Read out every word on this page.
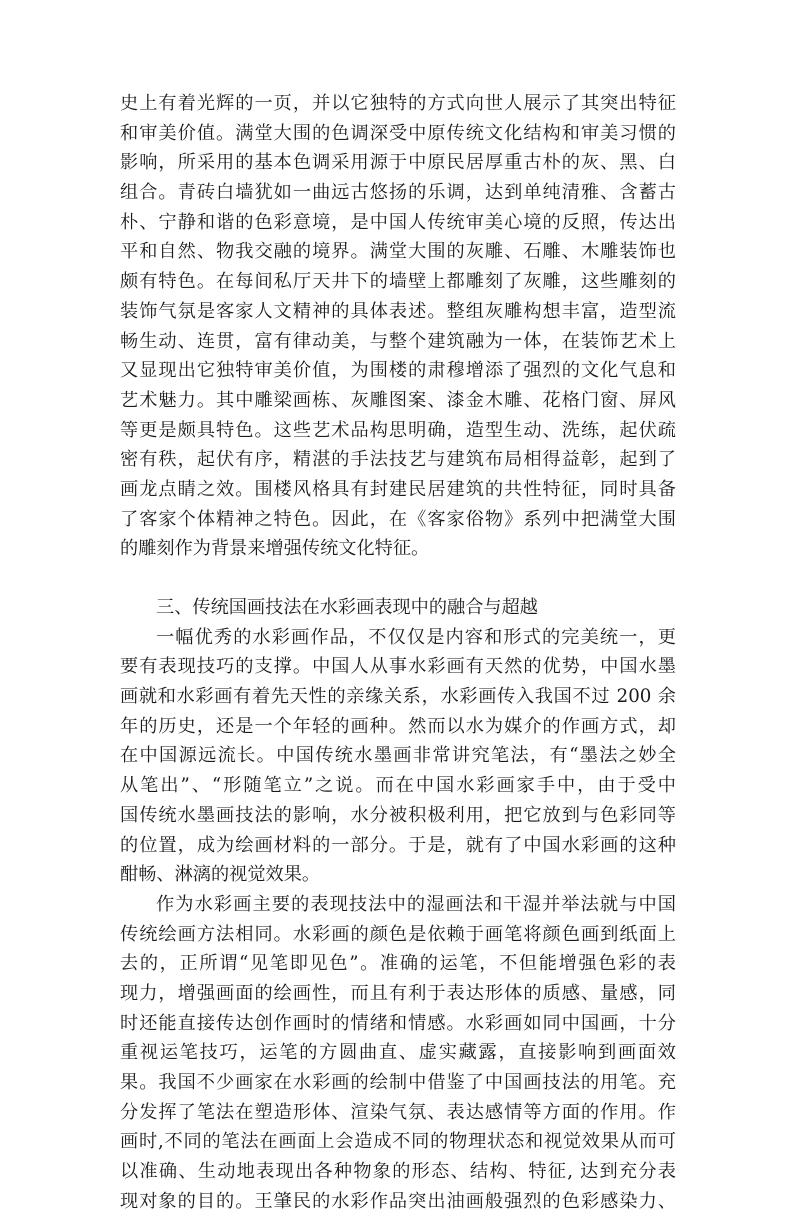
史上有着光辉的一页，并以它独特的方式向世人展示了其突出特征
和审美价值。满堂大围的色调深受中原传统文化结构和审美习惯的
影响，所采用的基本色调采用源于中原民居厚重古朴的灰、黑、白
组合。青砖白墙犹如一曲远古悠扬的乐调，达到单纯清雅、含蓄古
朴、宁静和谐的色彩意境，是中国人传统审美心境的反照，传达出
平和自然、物我交融的境界。满堂大围的灰雕、石雕、木雕装饰也
颇有特色。在每间私厅天井下的墙壁上都雕刻了灰雕，这些雕刻的
装饰气氛是客家人文精神的具体表述。整组灰雕构想丰富，造型流
畅生动、连贯，富有律动美，与整个建筑融为一体，在装饰艺术上
又显现出它独特审美价值，为围楼的肃穆增添了强烈的文化气息和
艺术魅力。其中雕梁画栋、灰雕图案、漆金木雕、花格门窗、屏风
等更是颇具特色。这些艺术品构思明确，造型生动、洗练，起伏疏
密有秩，起伏有序，精湛的手法技艺与建筑布局相得益彰，起到了
画龙点睛之效。围楼风格具有封建民居建筑的共性特征，同时具备
了客家个体精神之特色。因此，在《客家俗物》系列中把满堂大围
的雕刻作为背景来增强传统文化特征。
三、传统国画技法在水彩画表现中的融合与超越
一幅优秀的水彩画作品，不仅仅是内容和形式的完美统一，更
要有表现技巧的支撑。中国人从事水彩画有天然的优势，中国水墨
画就和水彩画有着先天性的亲缘关系，水彩画传入我国不过 200 余
年的历史，还是一个年轻的画种。然而以水为媒介的作画方式，却
在中国源远流长。中国传统水墨画非常讲究笔法，有“墨法之妙全
从笔出”、“形随笔立”之说。而在中国水彩画家手中，由于受中
国传统水墨画技法的影响，水分被积极利用，把它放到与色彩同等
的位置，成为绘画材料的一部分。于是，就有了中国水彩画的这种
酣畅、淋漓的视觉效果。
作为水彩画主要的表现技法中的湿画法和干湿并举法就与中国
传统绘画方法相同。水彩画的颜色是依赖于画笔将颜色画到纸面上
去的，正所谓“见笔即见色”。准确的运笔，不但能增强色彩的表
现力，增强画面的绘画性，而且有利于表达形体的质感、量感，同
时还能直接传达创作画时的情绪和情感。水彩画如同中国画，十分
重视运笔技巧，运笔的方圆曲直、虚实藏露，直接影响到画面效
果。我国不少画家在水彩画的绘制中借鉴了中国画技法的用笔。充
分发挥了笔法在塑造形体、渲染气氛、表达感情等方面的作用。作
画时,不同的笔法在画面上会造成不同的物理状态和视觉效果从而可
以准确、生动地表现出各种物象的形态、结构、特征, 达到充分表
现对象的目的。王肇民的水彩作品突出油画般强烈的色彩感染力、
